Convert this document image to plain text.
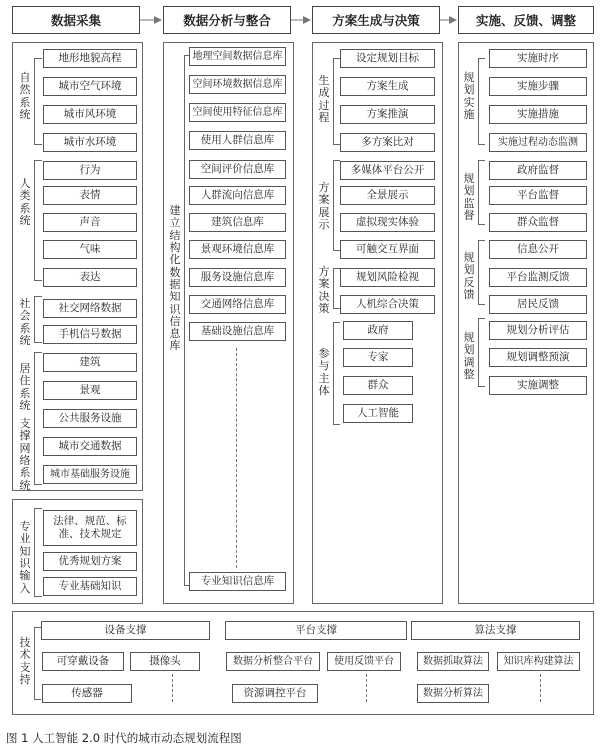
数据采集	数据分析与整合	方案生成与决策	实施、反馈、调整
自然系统
人类系统
社会系统
居住系统
支撑网络系统
专业知识输入
地形地貌高程
城市空气环境
城市风环境
城市水环境
行为
表情
声音
气味
表达
社交网络数据
手机信号数据
建筑
景观
公共服务设施
城市交通数据
城市基础服务设施
法律、规范、标准、技术规定
优秀规划方案
专业基础知识
建立结构化数据知识信息库
地理空间数据信息库
空间环境数据信息库
空间使用特征信息库
使用人群信息库
空间评价信息库
人群流向信息库
建筑信息库
景观环境信息库
服务设施信息库
交通网络信息库
基础设施信息库
专业知识信息库
生成过程
方案展示
方案决策
参与主体
设定规划目标
方案生成
方案推演
多方案比对
多媒体平台公开
全景展示
虚拟现实体验
可触交互界面
规划风险检视
人机综合决策
政府
专家
群众
人工智能
规划实施
规划监督
规划反馈
规划调整
实施时序
实施步骤
实施措施
实施过程动态监测
政府监督
平台监督
群众监督
信息公开
平台监测反馈
居民反馈
规划分析评估
规划调整预演
实施调整
技术支持
设备支撑	平台支撑	算法支撑
可穿戴设备	摄像头
传感器
数据分析整合平台	使用反馈平台
资源调控平台
数据抓取算法	知识库构建算法
数据分析算法
图 1 人工智能 2.0 时代的城市动态规划流程图
